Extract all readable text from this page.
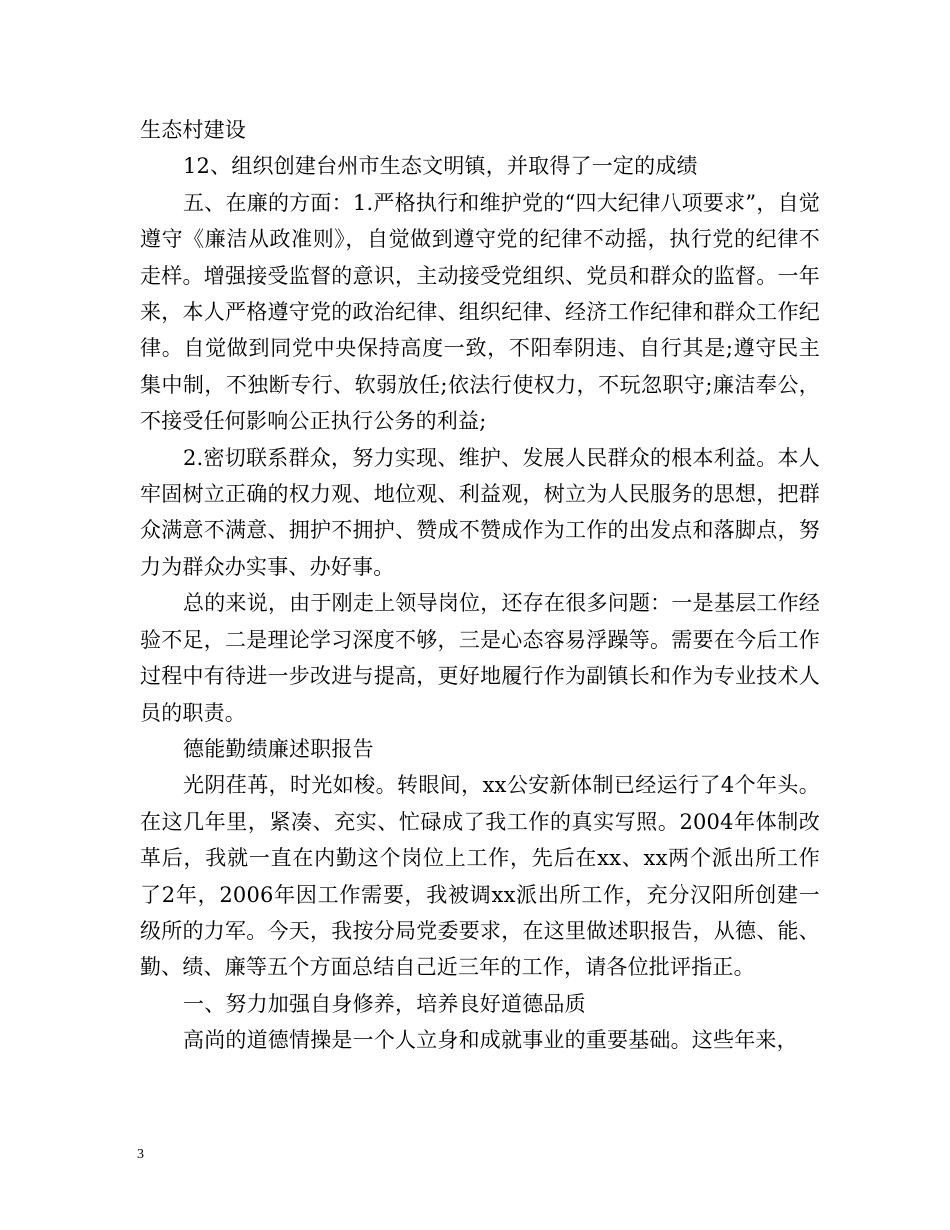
生态村建设

12、组织创建台州市生态文明镇，并取得了一定的成绩

五、在廉的方面：1.严格执行和维护党的“四大纪律八项要求”，自觉遵守《廉洁从政准则》，自觉做到遵守党的纪律不动摇，执行党的纪律不走样。增强接受监督的意识，主动接受党组织、党员和群众的监督。一年来，本人严格遵守党的政治纪律、组织纪律、经济工作纪律和群众工作纪律。自觉做到同党中央保持高度一致，不阳奉阴违、自行其是;遵守民主集中制，不独断专行、软弱放任;依法行使权力，不玩忽职守;廉洁奉公，不接受任何影响公正执行公务的利益;

2.密切联系群众，努力实现、维护、发展人民群众的根本利益。本人牢固树立正确的权力观、地位观、利益观，树立为人民服务的思想，把群众满意不满意、拥护不拥护、赞成不赞成作为工作的出发点和落脚点，努力为群众办实事、办好事。

总的来说，由于刚走上领导岗位，还存在很多问题：一是基层工作经验不足，二是理论学习深度不够，三是心态容易浮躁等。需要在今后工作过程中有待进一步改进与提高，更好地履行作为副镇长和作为专业技术人员的职责。

德能勤绩廉述职报告

光阴荏苒，时光如梭。转眼间，xx公安新体制已经运行了4个年头。在这几年里，紧凑、充实、忙碌成了我工作的真实写照。2004年体制改革后，我就一直在内勤这个岗位上工作，先后在xx、xx两个派出所工作了2年，2006年因工作需要，我被调xx派出所工作，充分汉阳所创建一级所的力军。今天，我按分局党委要求，在这里做述职报告，从德、能、勤、绩、廉等五个方面总结自己近三年的工作，请各位批评指正。

一、努力加强自身修养，培养良好道德品质

高尚的道德情操是一个人立身和成就事业的重要基础。这些年来，

3
